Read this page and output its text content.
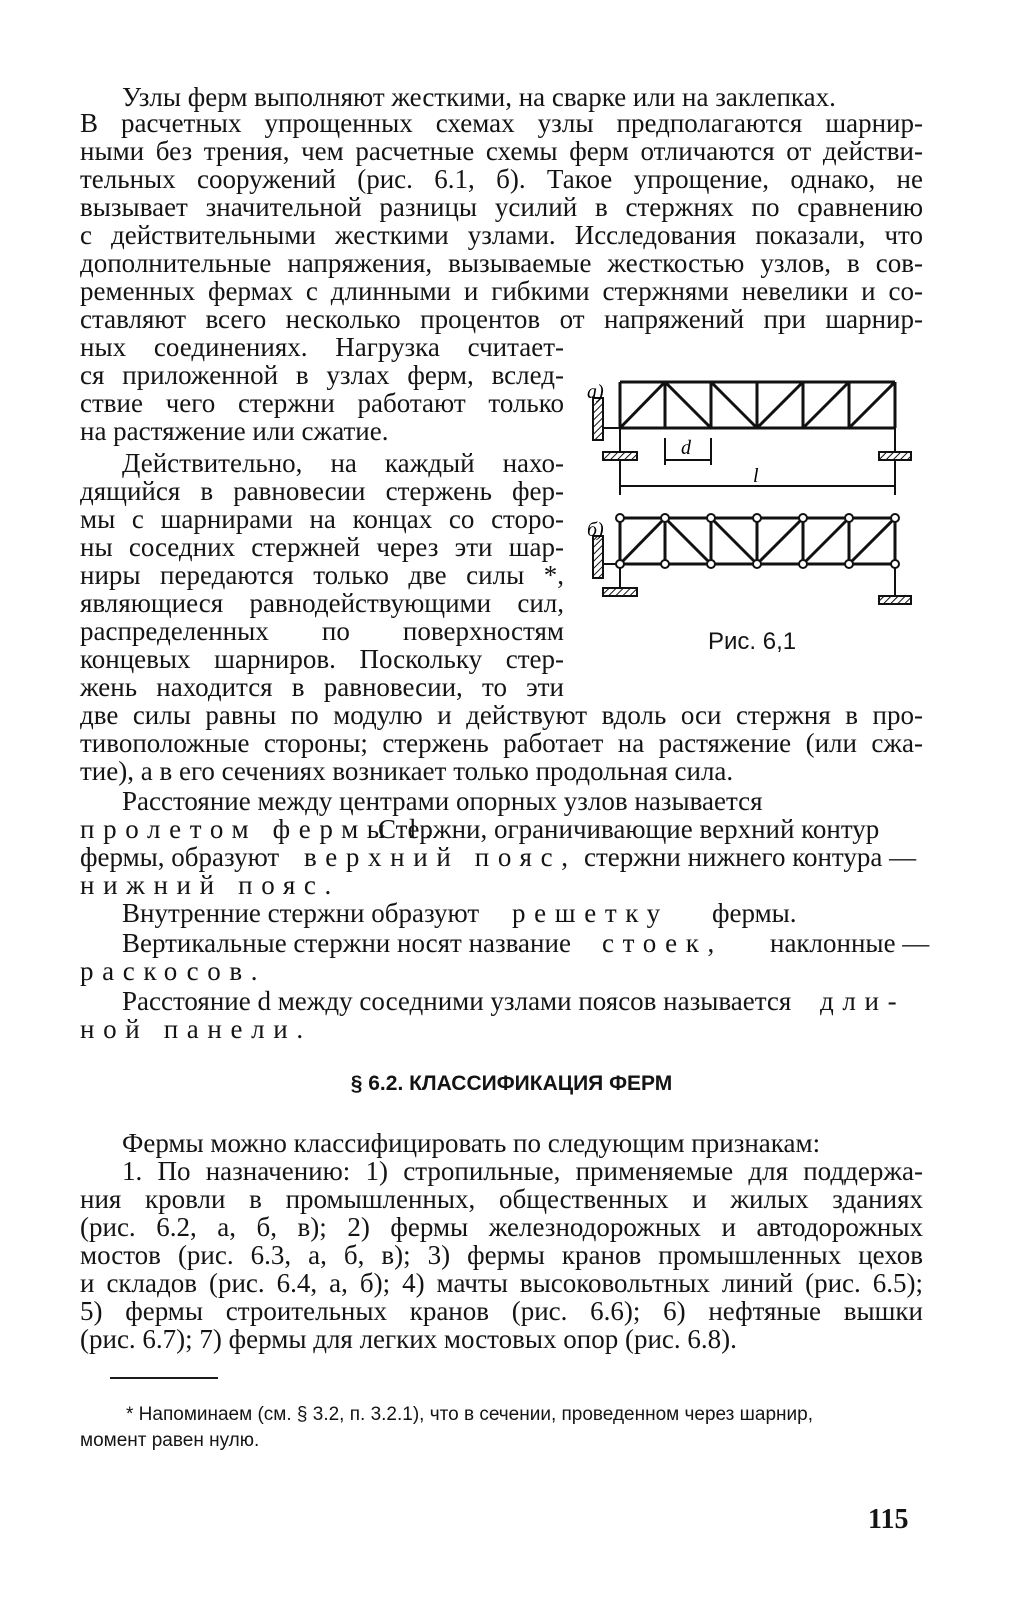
Узлы ферм выполняют жесткими, на сварке или на заклепках.
В расчетных упрощенных схемах узлы предполагаются шарнир-
ными без трения, чем расчетные схемы ферм отличаются от действи-
тельных сооружений (рис. 6.1, б). Такое упрощение, однако, не
вызывает значительной разницы усилий в стержнях по сравнению
с действительными жесткими узлами. Исследования показали, что
дополнительные напряжения, вызываемые жесткостью узлов, в сов-
ременных фермах с длинными и гибкими стержнями невелики и со-
ставляют всего несколько процентов от напряжений при шарнир-
ных соединениях. Нагрузка считает-
ся приложенной в узлах ферм, вслед-
ствие чего стержни работают только
на растяжение или сжатие.
Действительно, на каждый нахо-
дящийся в равновесии стержень фер-
мы с шарнирами на концах со сторо-
ны соседних стержней через эти шар-
ниры передаются только две силы *,
являющиеся равнодействующими сил,
распределенных по поверхностям
концевых шарниров. Поскольку стер-
жень находится в равновесии, то эти
две силы равны по модулю и действуют вдоль оси стержня в про-
тивоположные стороны; стержень работает на растяжение (или сжа-
тие), а в его сечениях возникает только продольная сила.
Расстояние между центрами опорных узлов называется
пролетом фермы l.
Стержни, ограничивающие верхний контур
фермы, образуют верхний пояс, стержни нижнего контура —
нижний пояс.
Внутренние стержни образуют решетку фермы.
Вертикальные стержни носят название стоек, наклонные —
раскосов.
Расстояние d между соседними узлами поясов называется дли-
ной панели.
§ 6.2. КЛАССИФИКАЦИЯ ФЕРМ
Фермы можно классифицировать по следующим признакам:
1. По назначению: 1) стропильные, применяемые для поддержа-
ния кровли в промышленных, общественных и жилых зданиях
(рис. 6.2, а, б, в); 2) фермы железнодорожных и автодорожных
мостов (рис. 6.3, а, б, в); 3) фермы кранов промышленных цехов
и складов (рис. 6.4, а, б); 4) мачты высоковольтных линий (рис. 6.5);
5) фермы строительных кранов (рис. 6.6); 6) нефтяные вышки
(рис. 6.7); 7) фермы для легких мостовых опор (рис. 6.8).
* Напоминаем (см. § 3.2, п. 3.2.1), что в сечении, проведенном через шарнир,
момент равен нулю.
115
а)
d
l
б)
Рис. 6,1
